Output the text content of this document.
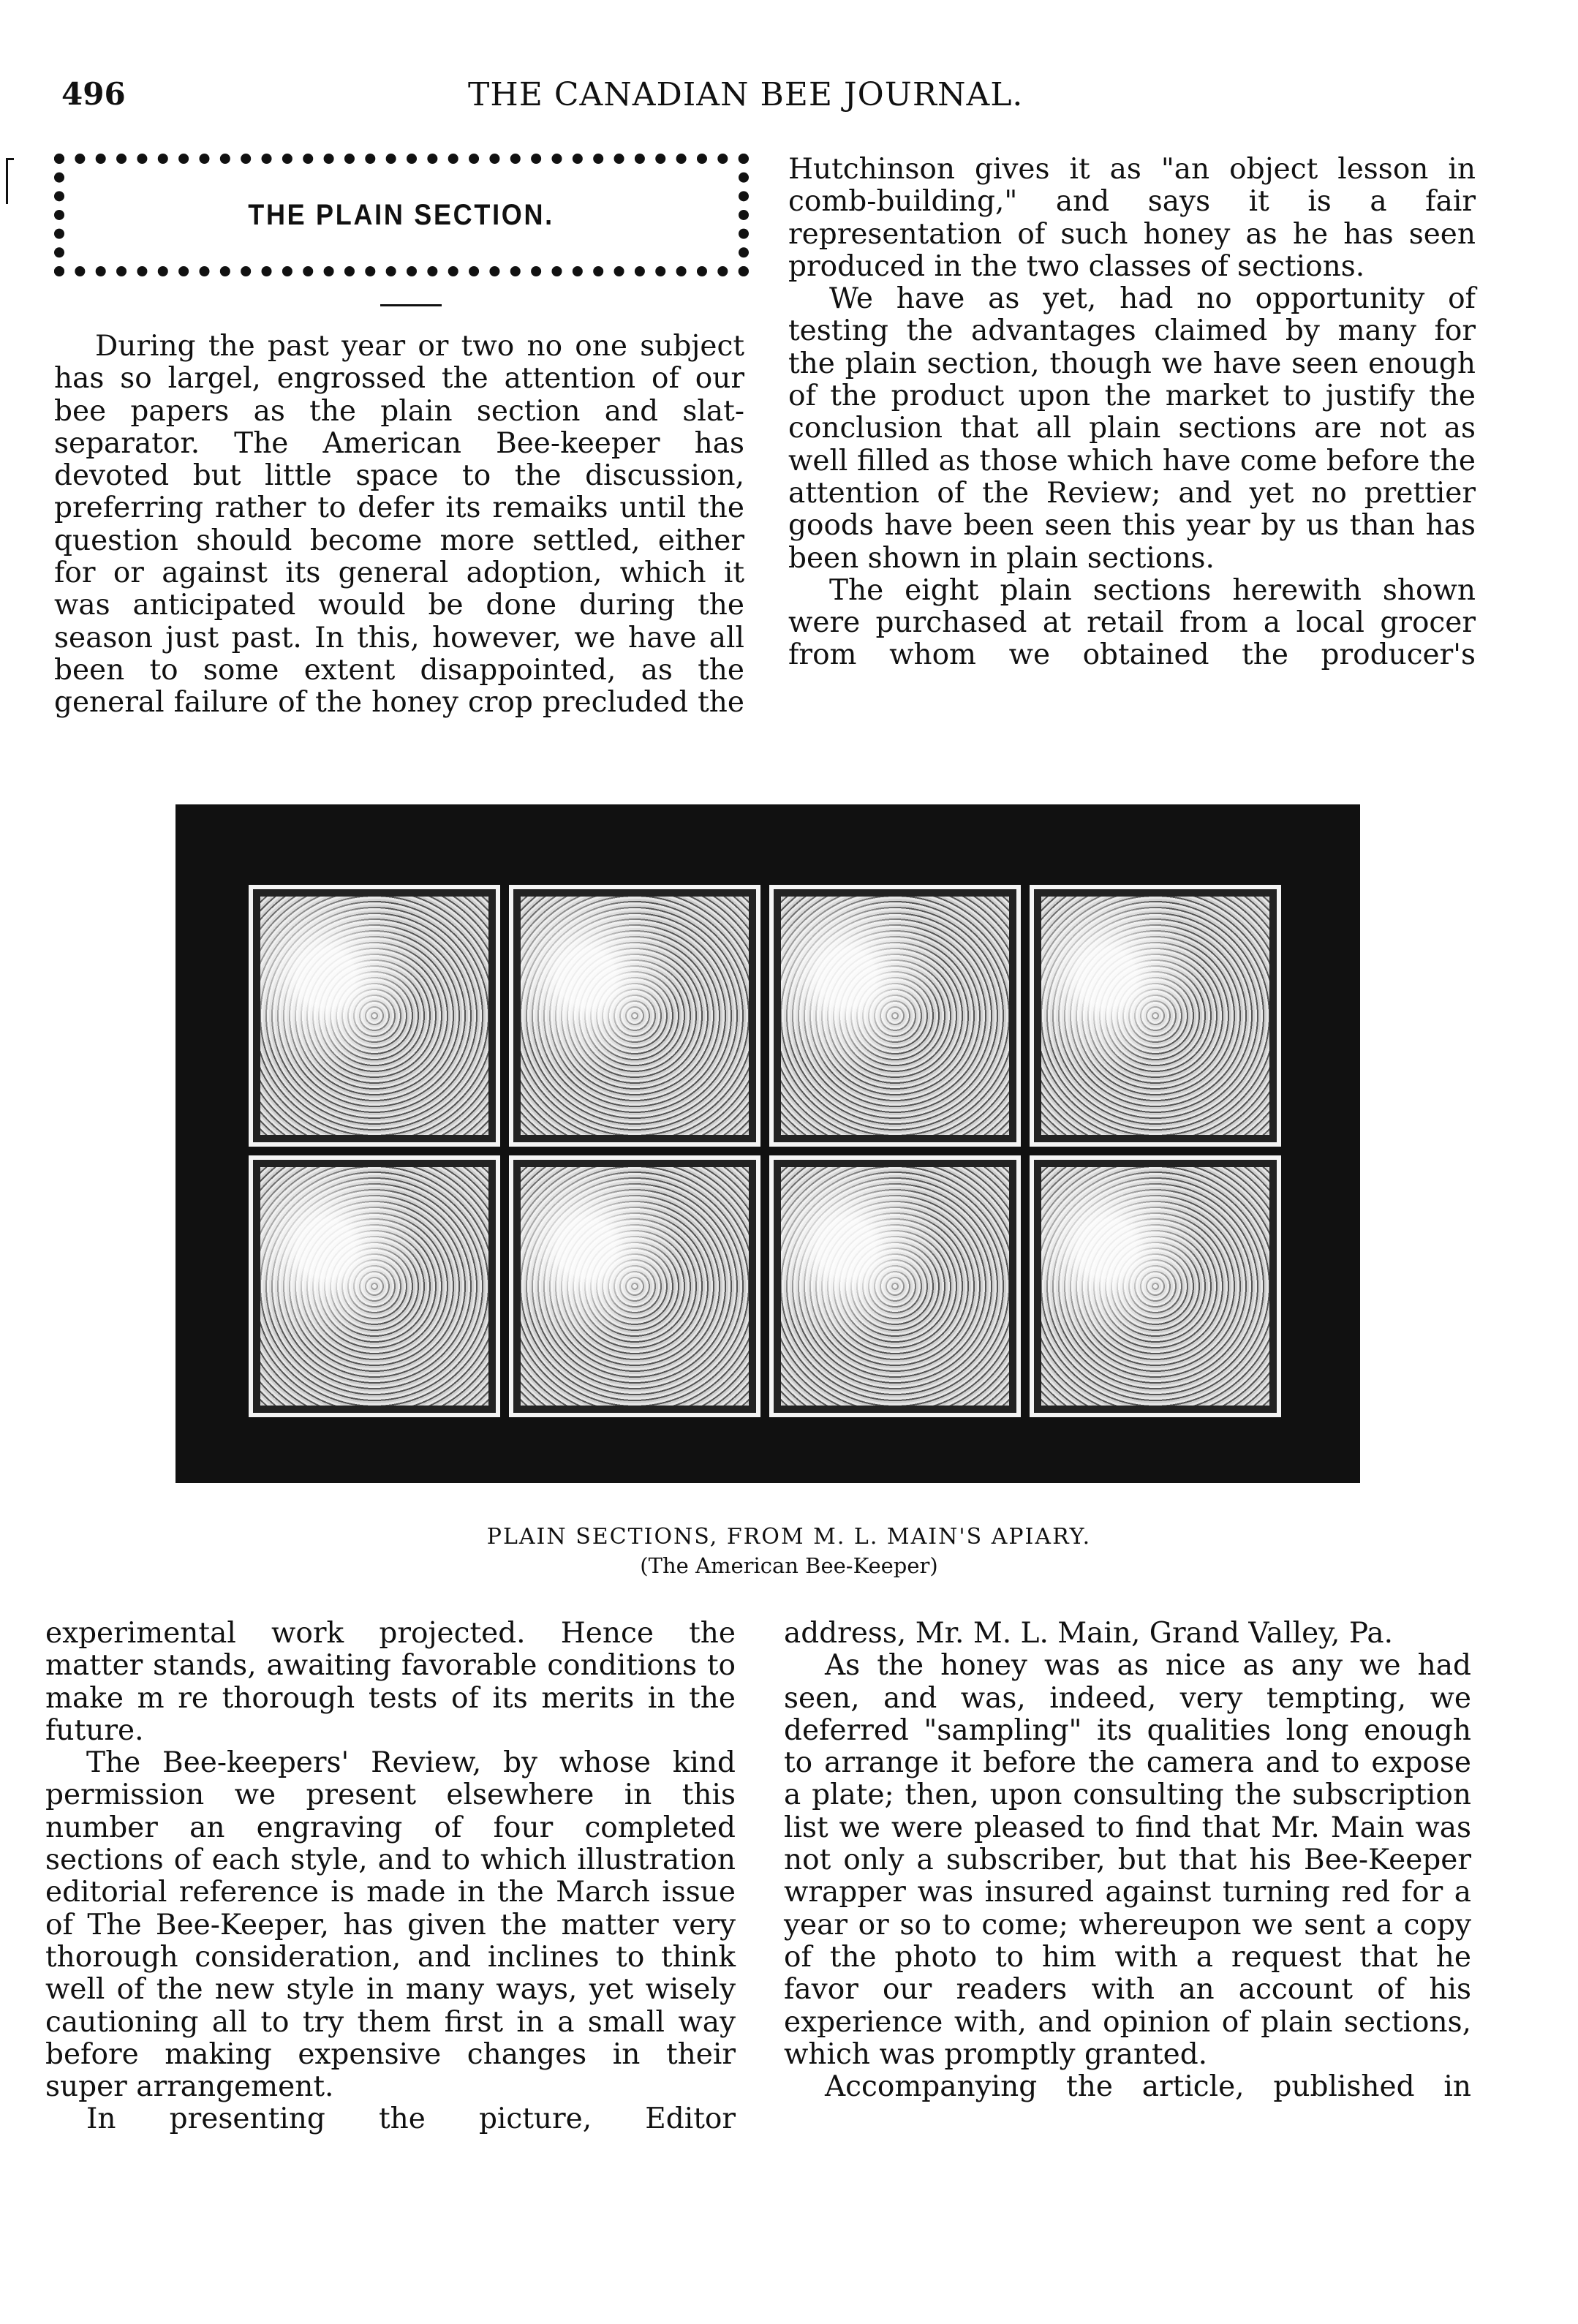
496	THE CANADIAN BEE JOURNAL.
THE PLAIN SECTION.

During the past year or two no one subject has so largel, engrossed the attention of our bee papers as the plain section and slat-separator. The American Bee-keeper has devoted but little space to the discussion, preferring rather to defer its remaiks until the question should become more settled, either for or against its general adoption, which it was anticipated would be done during the season just past. In this, however, we have all been to some extent disappointed, as the general failure of the honey crop precluded the

Hutchinson gives it as "an object lesson in comb-building," and says it is a fair representation of such honey as he has seen produced in the two classes of sections.

We have as yet, had no opportunity of testing the advantages claimed by many for the plain section, though we have seen enough of the product upon the market to justify the conclusion that all plain sections are not as well filled as those which have come before the attention of the Review; and yet no prettier goods have been seen this year by us than has been shown in plain sections.

The eight plain sections herewith shown were purchased at retail from a local grocer from whom we obtained the producer's

PLAIN SECTIONS, FROM M. L. MAIN'S APIARY.
(The American Bee-Keeper)

experimental work projected. Hence the matter stands, awaiting favorable conditions to make m re thorough tests of its merits in the future.

The Bee-keepers' Review, by whose kind permission we present elsewhere in this number an engraving of four completed sections of each style, and to which illustration editorial reference is made in the March issue of The Bee-Keeper, has given the matter very thorough consideration, and inclines to think well of the new style in many ways, yet wisely cautioning all to try them first in a small way before making expensive changes in their super arrangement.

In presenting the picture, Editor

address, Mr. M. L. Main, Grand Valley, Pa.

As the honey was as nice as any we had seen, and was, indeed, very tempting, we deferred "sampling" its qualities long enough to arrange it before the camera and to expose a plate; then, upon consulting the subscription list we were pleased to find that Mr. Main was not only a subscriber, but that his Bee-Keeper wrapper was insured against turning red for a year or so to come; whereupon we sent a copy of the photo to him with a request that he favor our readers with an account of his experience with, and opinion of plain sections, which was promptly granted.

Accompanying the article, published in
